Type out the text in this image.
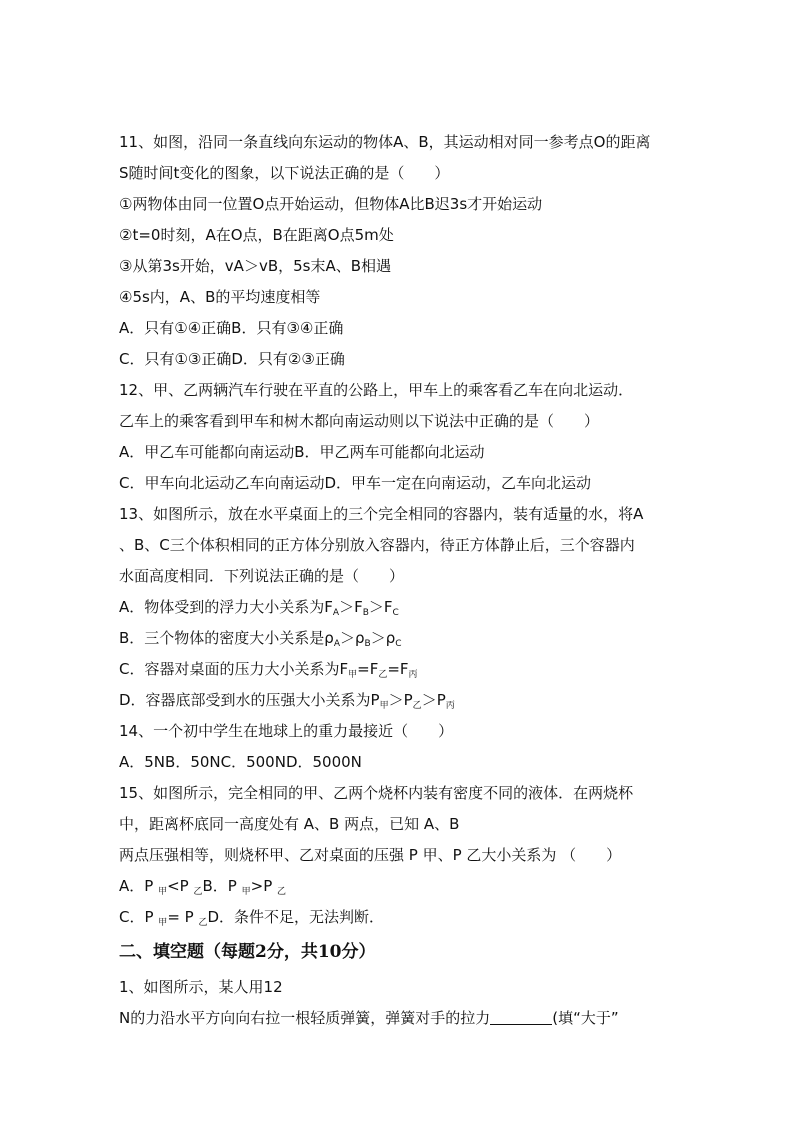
11、如图，沿同一条直线向东运动的物体A、B，其运动相对同一参考点O的距离
S随时间t变化的图象，以下说法正确的是（　　）
①两物体由同一位置O点开始运动，但物体A比B迟3s才开始运动
②t=0时刻，A在O点，B在距离O点5m处
③从第3s开始，vA＞vB，5s末A、B相遇
④5s内，A、B的平均速度相等
A．只有①④正确B．只有③④正确
C．只有①③正确D．只有②③正确
12、甲、乙两辆汽车行驶在平直的公路上，甲车上的乘客看乙车在向北运动．
乙车上的乘客看到甲车和树木都向南运动则以下说法中正确的是（　　）
A．甲乙车可能都向南运动B．甲乙两车可能都向北运动
C．甲车向北运动乙车向南运动D．甲车一定在向南运动，乙车向北运动
13、如图所示，放在水平桌面上的三个完全相同的容器内，装有适量的水，将A
、B、C三个体积相同的正方体分别放入容器内，待正方体静止后，三个容器内
水面高度相同．下列说法正确的是（　　）
A．物体受到的浮力大小关系为$F_A>F_B>F_C$
B．三个物体的密度大小关系是$\rho_A>\rho_B>\rho_C$
C．容器对桌面的压力大小关系为$F_甲=F_乙=F_丙$
D．容器底部受到水的压强大小关系为$P_甲>P_乙>P_丙$
14、一个初中学生在地球上的重力最接近（　　）
A．5NB．50NC．500ND．5000N
15、如图所示，完全相同的甲、乙两个烧杯内装有密度不同的液体．在两烧杯
中，距离杯底同一高度处有 A、B 两点，已知 A、B
两点压强相等，则烧杯甲、乙对桌面的压强 P 甲、P 乙大小关系为 （　　）
A．P $_甲$<P $_乙$B．P $_甲$>P $_乙$
C．P $_甲$= P $_乙$D．条件不足，无法判断．
二、填空题（每题2分，共10分）
1、如图所示，某人用12
N的力沿水平方向向右拉一根轻质弹簧，弹簧对手的拉力	(填“大于”
